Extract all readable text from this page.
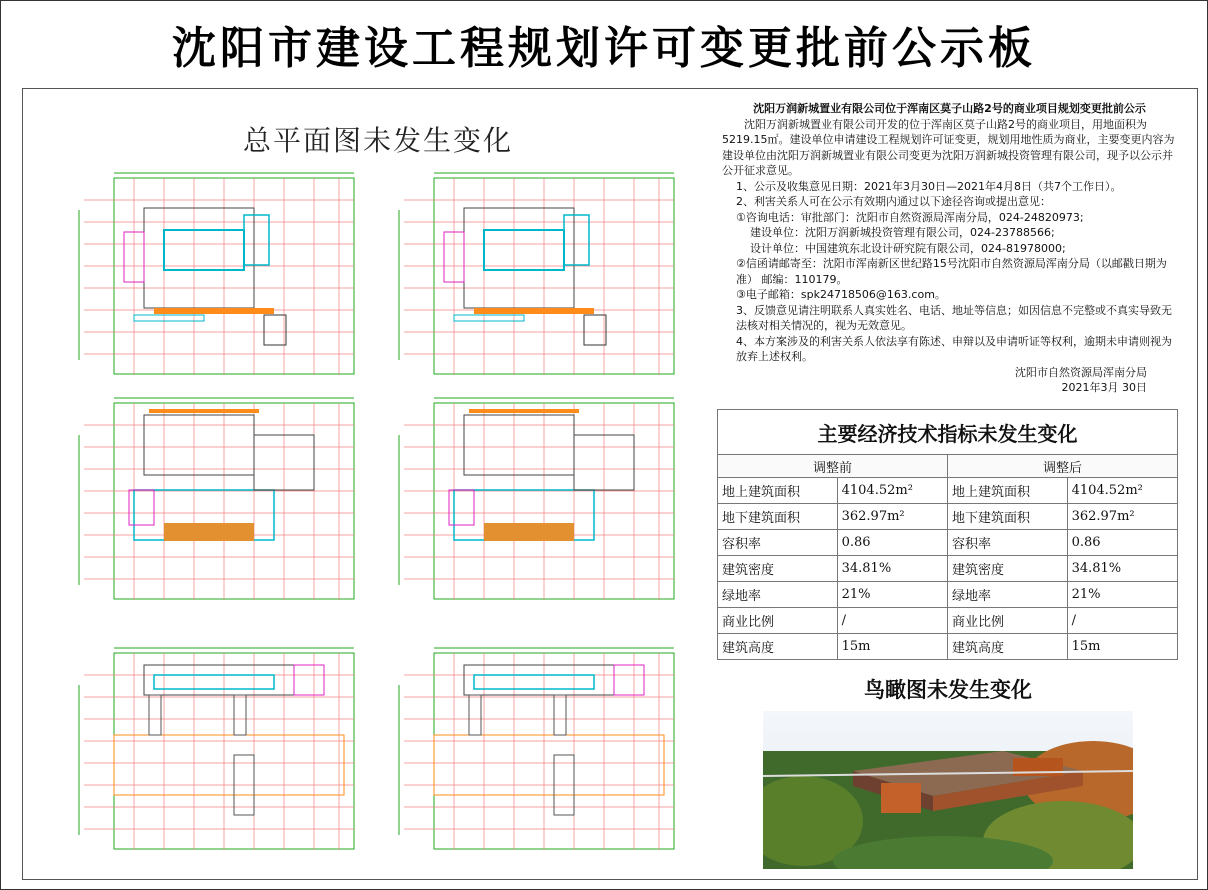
沈阳市建设工程规划许可变更批前公示板
总平面图未发生变化

沈阳万润新城置业有限公司位于浑南区莫子山路2号的商业项目规划变更批前公示

沈阳万润新城置业有限公司开发的位于浑南区莫子山路2号的商业项目，用地面积为5219.15㎡。建设单位申请建设工程规划许可证变更，规划用地性质为商业，主要变更内容为建设单位由沈阳万润新城置业有限公司变更为沈阳万润新城投资管理有限公司，现予以公示并公开征求意见。

1、公示及收集意见日期：2021年3月30日—2021年4月8日（共7个工作日）。

2、利害关系人可在公示有效期内通过以下途径咨询或提出意见：

①咨询电话：审批部门：沈阳市自然资源局浑南分局，024-24820973;

建设单位：沈阳万润新城投资管理有限公司，024-23788566;

设计单位：中国建筑东北设计研究院有限公司，024-81978000;

②信函请邮寄至：沈阳市浑南新区世纪路15号沈阳市自然资源局浑南分局（以邮戳日期为准） 邮编：110179。

③电子邮箱：spk24718506@163.com。

3、反馈意见请注明联系人真实姓名、电话、地址等信息；如因信息不完整或不真实导致无法核对相关情况的，视为无效意见。

4、本方案涉及的利害关系人依法享有陈述、申辩以及申请听证等权利，逾期未申请则视为放弃上述权利。

沈阳市自然资源局浑南分局

2021年3月 30日

主要经济技术指标未发生变化			
调整前		调整后	
地上建筑面积	4104.52m²	地上建筑面积	4104.52m²
地下建筑面积	362.97m²	地下建筑面积	362.97m²
容积率	0.86	容积率	0.86
建筑密度	34.81%	建筑密度	34.81%
绿地率	21%	绿地率	21%
商业比例	/	商业比例	/
建筑高度	15m	建筑高度	15m
鸟瞰图未发生变化
